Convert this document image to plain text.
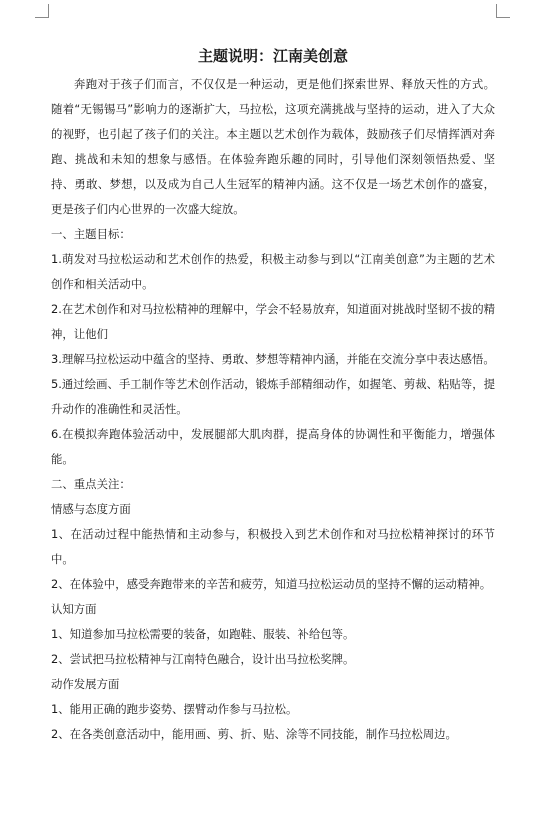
主题说明：江南美创意

奔跑对于孩子们而言，不仅仅是一种运动，更是他们探索世界、释放天性的方式。随着“无锡锡马”影响力的逐渐扩大，马拉松，这项充满挑战与坚持的运动，进入了大众的视野，也引起了孩子们的关注。本主题以艺术创作为载体，鼓励孩子们尽情挥洒对奔跑、挑战和未知的想象与感悟。在体验奔跑乐趣的同时，引导他们深刻领悟热爱、坚持、勇敢、梦想，以及成为自己人生冠军的精神内涵。这不仅是一场艺术创作的盛宴，更是孩子们内心世界的一次盛大绽放。

一、主题目标：

1.萌发对马拉松运动和艺术创作的热爱，积极主动参与到以“江南美创意”为主题的艺术创作和相关活动中。

2.在艺术创作和对马拉松精神的理解中，学会不轻易放弃，知道面对挑战时坚韧不拔的精神，让他们

3.理解马拉松运动中蕴含的坚持、勇敢、梦想等精神内涵，并能在交流分享中表达感悟。

5.通过绘画、手工制作等艺术创作活动，锻炼手部精细动作，如握笔、剪裁、粘贴等，提升动作的准确性和灵活性。

6.在模拟奔跑体验活动中，发展腿部大肌肉群，提高身体的协调性和平衡能力，增强体能。

二、重点关注：

情感与态度方面

1、在活动过程中能热情和主动参与，积极投入到艺术创作和对马拉松精神探讨的环节中。

2、在体验中，感受奔跑带来的辛苦和疲劳，知道马拉松运动员的坚持不懈的运动精神。

认知方面

1、知道参加马拉松需要的装备，如跑鞋、服装、补给包等。

2、尝试把马拉松精神与江南特色融合，设计出马拉松奖牌。

动作发展方面

1、能用正确的跑步姿势、摆臂动作参与马拉松。

2、在各类创意活动中，能用画、剪、折、贴、涂等不同技能，制作马拉松周边。
